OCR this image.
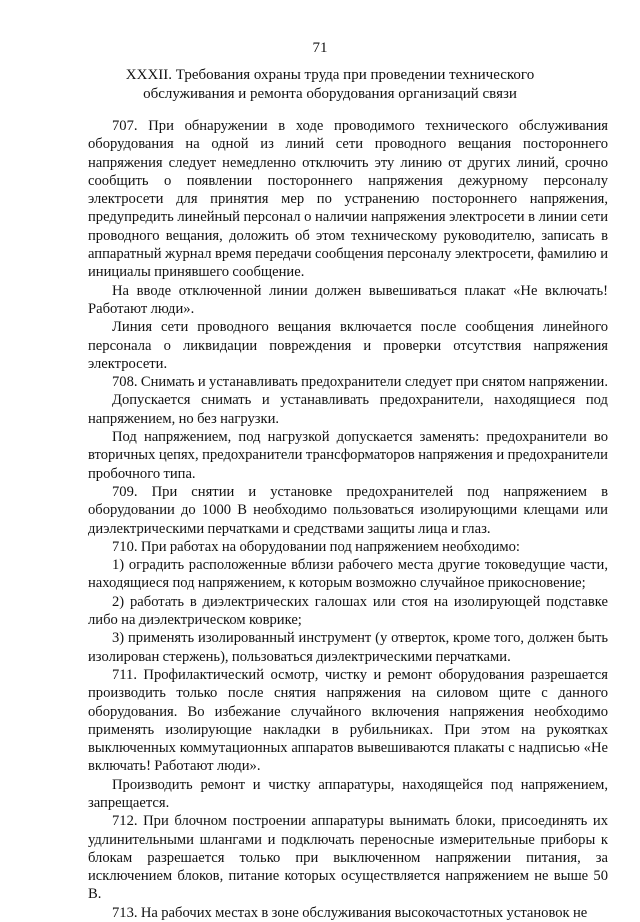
71
XXXII. Требования охраны труда при проведении технического обслуживания и ремонта оборудования организаций связи

707. При обнаружении в ходе проводимого технического обслуживания оборудования на одной из линий сети проводного вещания постороннего напряжения следует немедленно отключить эту линию от других линий, срочно сообщить о появлении постороннего напряжения дежурному персоналу электросети для принятия мер по устранению постороннего напряжения, предупредить линейный персонал о наличии напряжения электросети в линии сети проводного вещания, доложить об этом техническому руководителю, записать в аппаратный журнал время передачи сообщения персоналу электросети, фамилию и инициалы принявшего сообщение.

На вводе отключенной линии должен вывешиваться плакат «Не включать! Работают люди».

Линия сети проводного вещания включается после сообщения линейного персонала о ликвидации повреждения и проверки отсутствия напряжения электросети.

708. Снимать и устанавливать предохранители следует при снятом напряжении.

Допускается снимать и устанавливать предохранители, находящиеся под напряжением, но без нагрузки.

Под напряжением, под нагрузкой допускается заменять: предохранители во вторичных цепях, предохранители трансформаторов напряжения и предохранители пробочного типа.

709. При снятии и установке предохранителей под напряжением в оборудовании до 1000 В необходимо пользоваться изолирующими клещами или диэлектрическими перчатками и средствами защиты лица и глаз.

710. При работах на оборудовании под напряжением необходимо:

1) оградить расположенные вблизи рабочего места другие токоведущие части, находящиеся под напряжением, к которым возможно случайное прикосновение;

2) работать в диэлектрических галошах или стоя на изолирующей подставке либо на диэлектрическом коврике;

3) применять изолированный инструмент (у отверток, кроме того, должен быть изолирован стержень), пользоваться диэлектрическими перчатками.

711. Профилактический осмотр, чистку и ремонт оборудования разрешается производить только после снятия напряжения на силовом щите с данного оборудования. Во избежание случайного включения напряжения необходимо применять изолирующие накладки в рубильниках. При этом на рукоятках выключенных коммутационных аппаратов вывешиваются плакаты с надписью «Не включать! Работают люди».

Производить ремонт и чистку аппаратуры, находящейся под напряжением, запрещается.

712. При блочном построении аппаратуры вынимать блоки, присоединять их удлинительными шлангами и подключать переносные измерительные приборы к блокам разрешается только при выключенном напряжении питания, за исключением блоков, питание которых осуществляется напряжением не выше 50 В.

713. На рабочих местах в зоне обслуживания высокочастотных установок не
